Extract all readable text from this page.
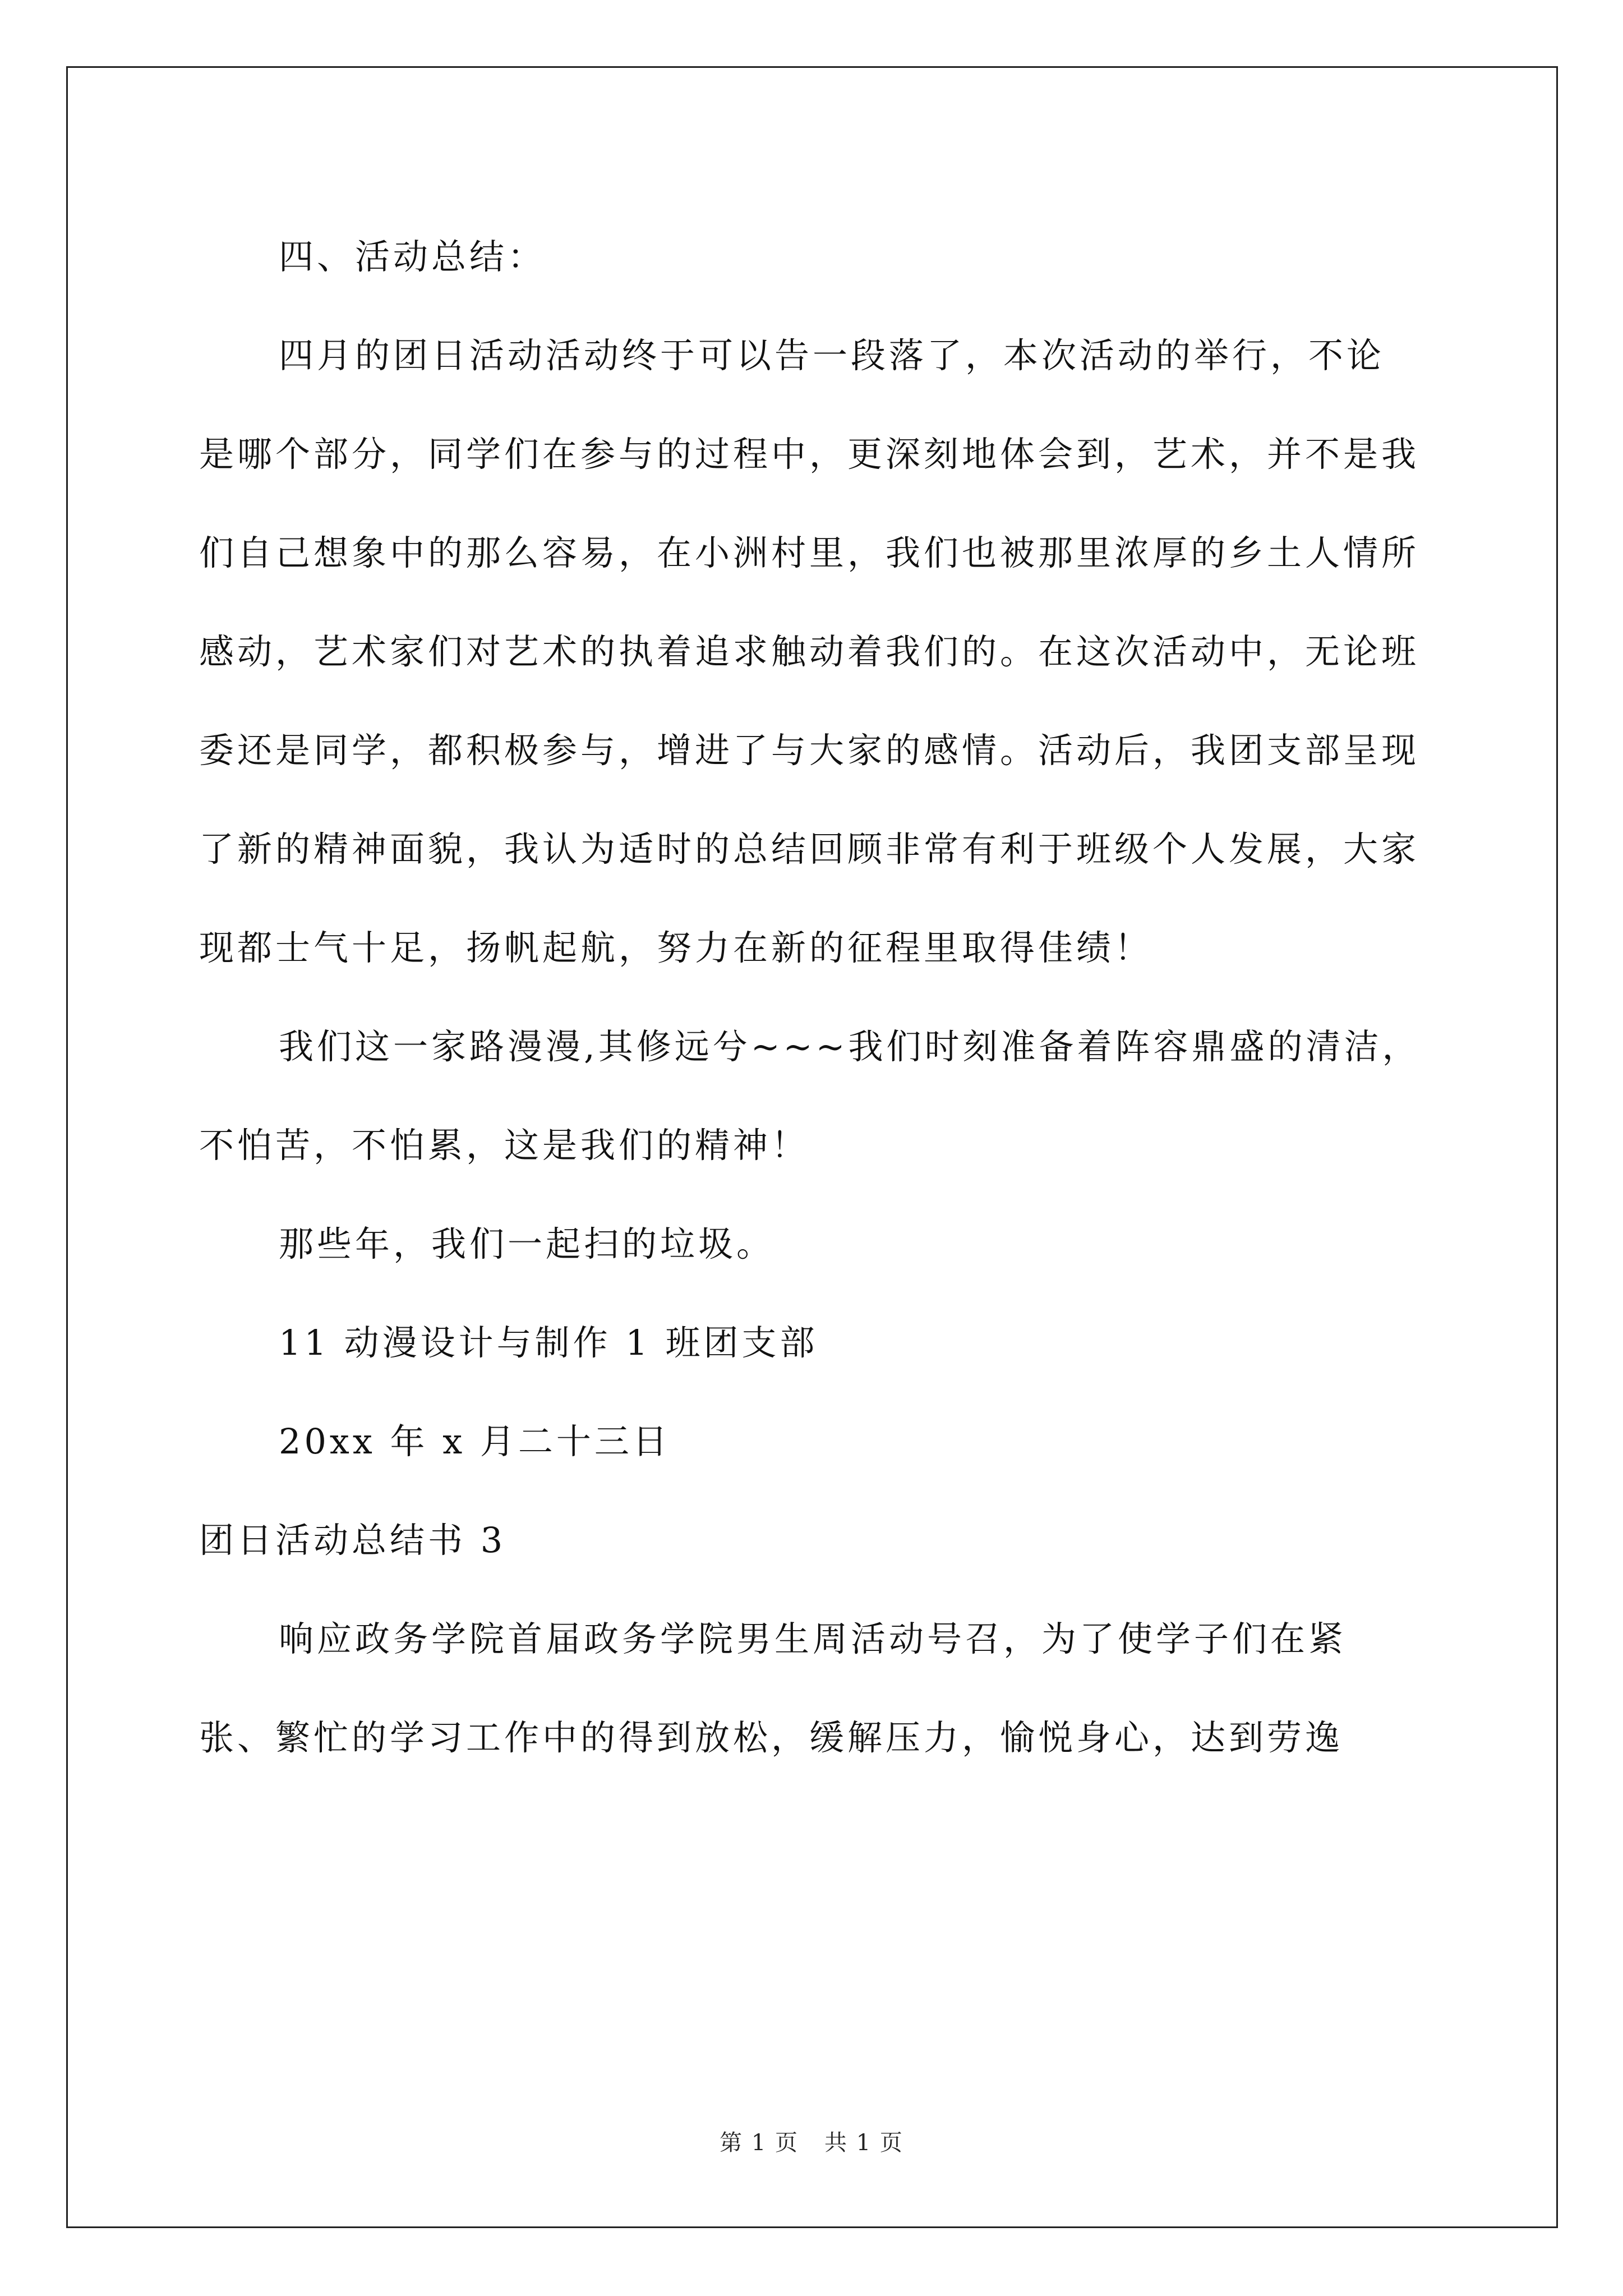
四、活动总结：

四月的团日活动活动终于可以告一段落了，本次活动的举行，不论是哪个部分，同学们在参与的过程中，更深刻地体会到，艺术，并不是我们自己想象中的那么容易，在小洲村里，我们也被那里浓厚的乡土人情所感动，艺术家们对艺术的执着追求触动着我们的。在这次活动中，无论班委还是同学，都积极参与，增进了与大家的感情。活动后，我团支部呈现了新的精神面貌，我认为适时的总结回顾非常有利于班级个人发展，大家现都士气十足，扬帆起航，努力在新的征程里取得佳绩！

我们这一家路漫漫,其修远兮~~~我们时刻准备着阵容鼎盛的清洁，不怕苦，不怕累，这是我们的精神！

那些年，我们一起扫的垃圾。

11 动漫设计与制作 1 班团支部

20xx 年 x 月二十三日

团日活动总结书 3

响应政务学院首届政务学院男生周活动号召，为了使学子们在紧张、繁忙的学习工作中的得到放松，缓解压力，愉悦身心，达到劳逸

第 1 页 共 1 页
